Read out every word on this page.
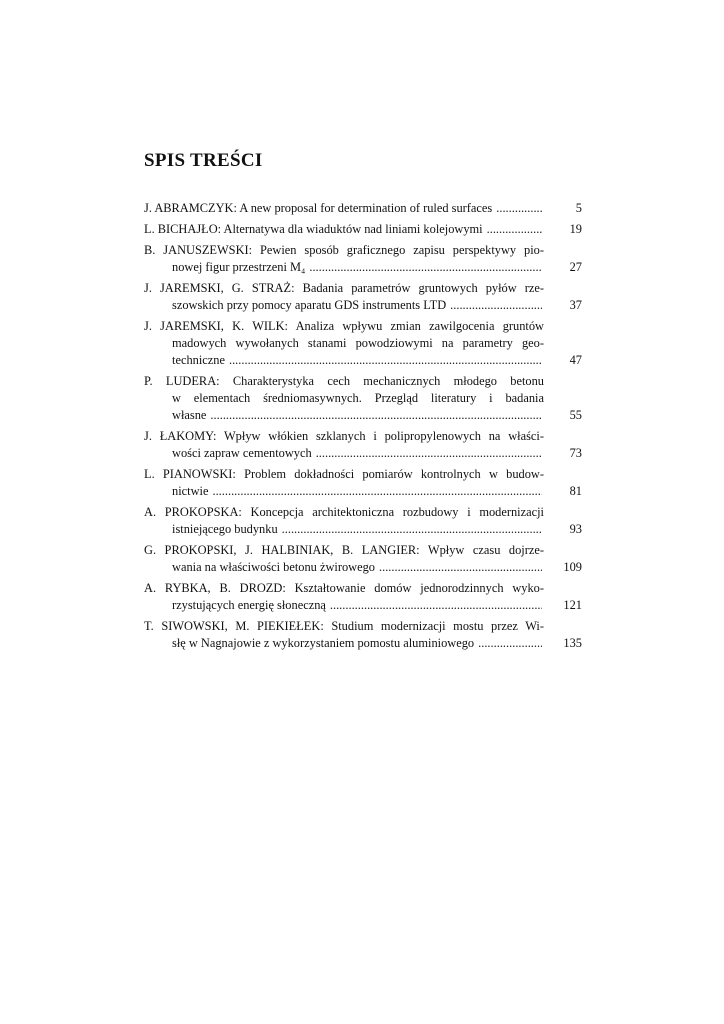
SPIS TREŚCI
J. ABRAMCZYK: A new proposal for determination of ruled surfaces .....	5
L. BICHAJŁO: Alternatywa dla wiaduktów nad liniami kolejowymi .....	19
B. JANUSZEWSKI: Pewien sposób graficznego zapisu perspektywy pio-
nowej figur przestrzeni M₄ .....	27
J. JAREMSKI, G. STRAŻ: Badania parametrów gruntowych pyłów rze-
szowskich przy pomocy aparatu GDS instruments LTD .....	37
J. JAREMSKI, K. WILK: Analiza wpływu zmian zawilgocenia gruntów
madowych wywołanych stanami powodziowymi na parametry geo-
techniczne .....	47
P. LUDERA: Charakterystyka cech mechanicznych młodego betonu
w elementach średniomasywnych. Przegląd literatury i badania
własne .....	55
J. ŁAKOMY: Wpływ włókien szklanych i polipropylenowych na właści-
wości zapraw cementowych .....	73
L. PIANOWSKI: Problem dokładności pomiarów kontrolnych w budow-
nictwie .....	81
A. PROKOPSKA: Koncepcja architektoniczna rozbudowy i modernizacji
istniejącego budynku .....	93
G. PROKOPSKI, J. HALBINIAK, B. LANGIER: Wpływ czasu dojrze-
wania na właściwości betonu żwirowego .....	109
A. RYBKA, B. DROZD: Kształtowanie domów jednorodzinnych wyko-
rzystujących energię słoneczną .....	121
T. SIWOWSKI, M. PIEKIEŁEK: Studium modernizacji mostu przez Wi-
słę w Nagnajowie z wykorzystaniem pomostu aluminiowego .....	135
